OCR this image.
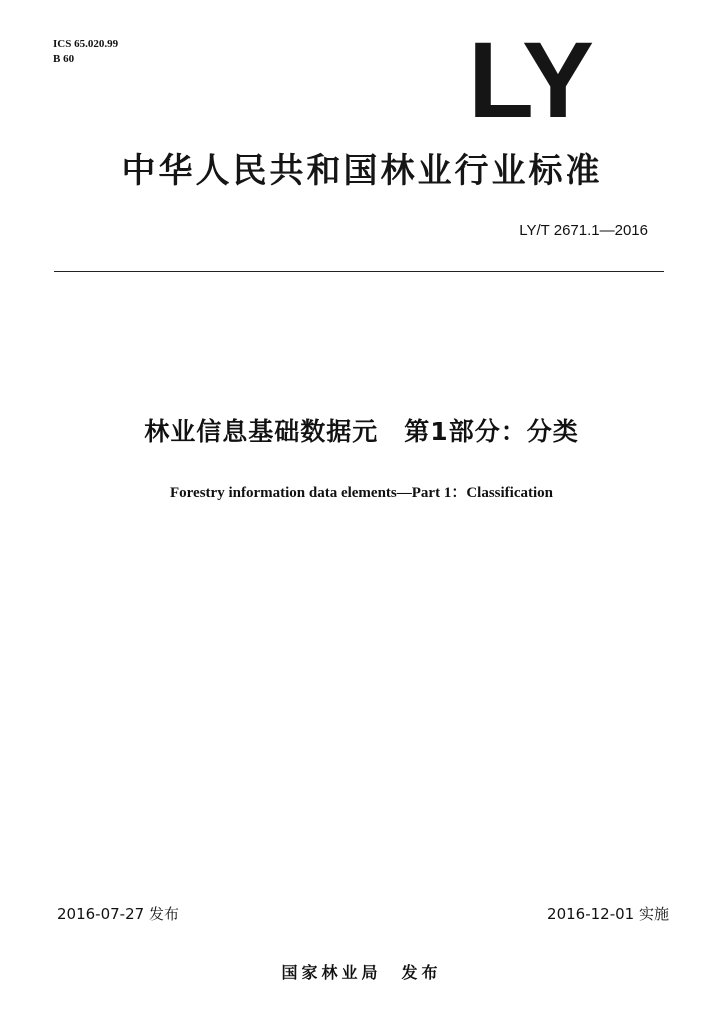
ICS 65.020.99
B 60	LY
中华人民共和国林业行业标准
LY/T 2671.1—2016
林业信息基础数据元　第1部分：分类
Forestry information data elements—Part 1：Classification
2016-07-27 发布	2016-12-01 实施
国家林业局　发布
